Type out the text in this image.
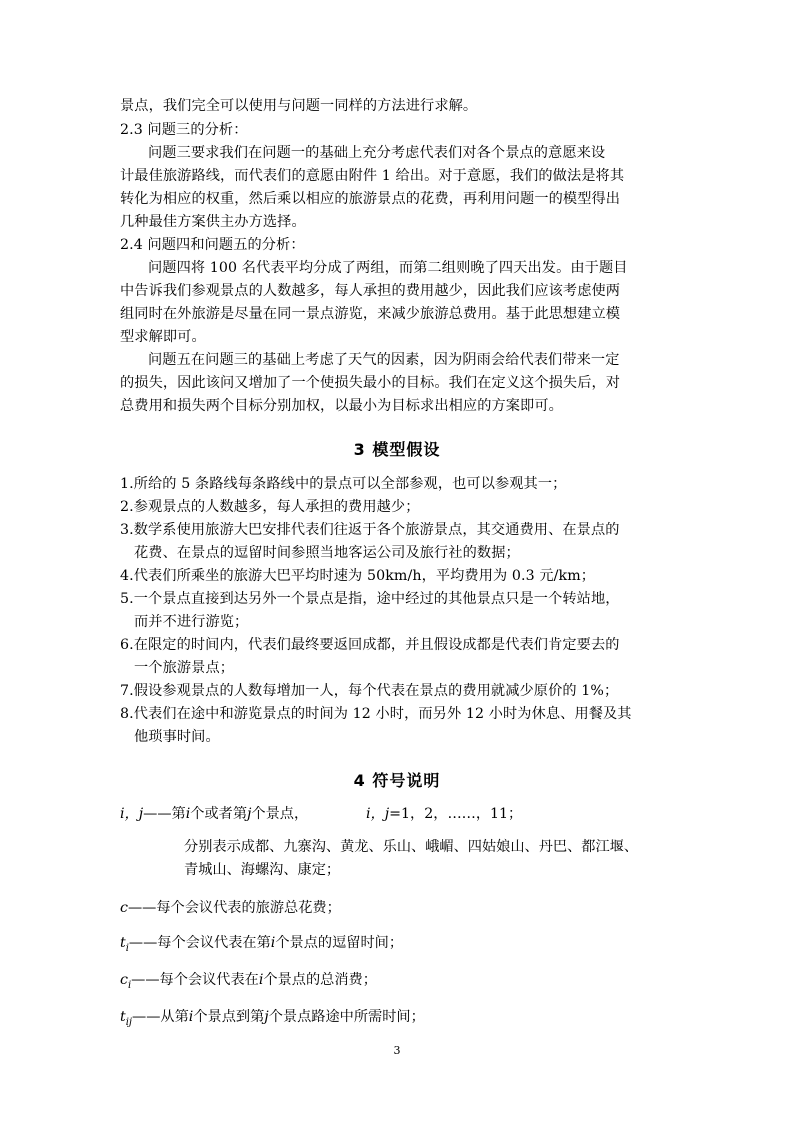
景点，我们完全可以使用与问题一同样的方法进行求解。
2.3 问题三的分析：
问题三要求我们在问题一的基础上充分考虑代表们对各个景点的意愿来设
计最佳旅游路线，而代表们的意愿由附件 1 给出。对于意愿，我们的做法是将其
转化为相应的权重，然后乘以相应的旅游景点的花费，再利用问题一的模型得出
几种最佳方案供主办方选择。
2.4 问题四和问题五的分析：
问题四将 100 名代表平均分成了两组，而第二组则晚了四天出发。由于题目
中告诉我们参观景点的人数越多，每人承担的费用越少，因此我们应该考虑使两
组同时在外旅游是尽量在同一景点游览，来减少旅游总费用。基于此思想建立模
型求解即可。
问题五在问题三的基础上考虑了天气的因素，因为阴雨会给代表们带来一定
的损失，因此该问又增加了一个使损失最小的目标。我们在定义这个损失后，对
总费用和损失两个目标分别加权，以最小为目标求出相应的方案即可。
3 模型假设
1.所给的 5 条路线每条路线中的景点可以全部参观，也可以参观其一；
2.参观景点的人数越多，每人承担的费用越少；
3.数学系使用旅游大巴安排代表们往返于各个旅游景点，其交通费用、在景点的
花费、在景点的逗留时间参照当地客运公司及旅行社的数据；
4.代表们所乘坐的旅游大巴平均时速为 50km/h，平均费用为 0.3 元/km；
5.一个景点直接到达另外一个景点是指，途中经过的其他景点只是一个转站地，
而并不进行游览；
6.在限定的时间内，代表们最终要返回成都，并且假设成都是代表们肯定要去的
一个旅游景点；
7.假设参观景点的人数每增加一人，每个代表在景点的费用就减少原价的 1%；
8.代表们在途中和游览景点的时间为 12 小时，而另外 12 小时为休息、用餐及其
他琐事时间。
4 符号说明
i，j——第i个或者第j个景点，	i，j=1，2，……，11；
分别表示成都、九寨沟、黄龙、乐山、峨嵋、四姑娘山、丹巴、都江堰、
青城山、海螺沟、康定；
c——每个会议代表的旅游总花费；
$t_i——$每个会议代表在第i个景点的逗留时间；
$c_i——$每个会议代表在i个景点的总消费；
$t_{ij}——$从第i个景点到第j个景点路途中所需时间；
3
